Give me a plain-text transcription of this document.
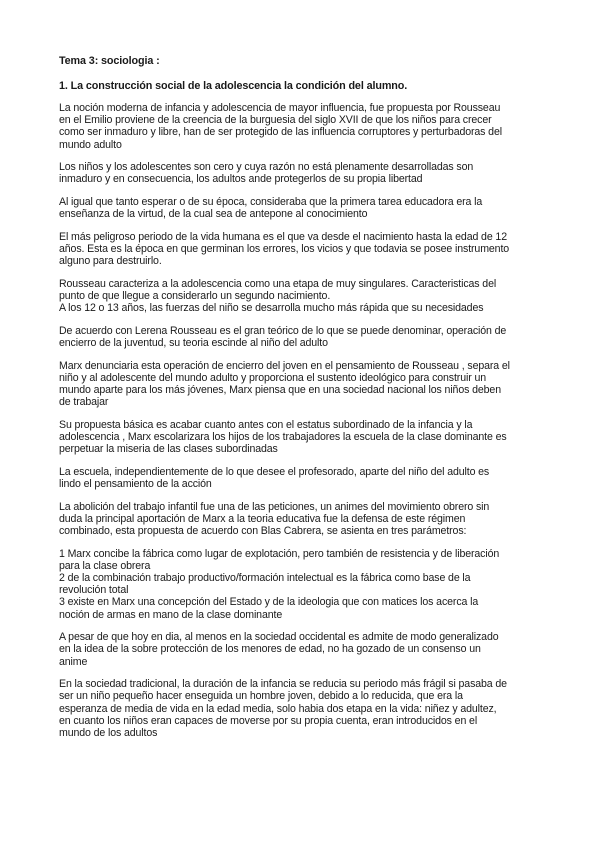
Tema 3: sociologia :
1. La construcción social de la adolescencia la condición del alumno.
La noción moderna de infancia y adolescencia de mayor influencia, fue propuesta por Rousseau
en el Emilio proviene de la creencia de la burguesia del siglo XVII de que los niños para crecer
como ser inmaduro y libre, han de ser protegido de las influencia corruptores y perturbadoras del
mundo adulto
Los niños y los adolescentes son cero y cuya razón no está plenamente desarrolladas son
inmaduro y en consecuencia, los adultos ande protegerlos de su propia libertad
Al igual que tanto esperar o de su época, consideraba que la primera tarea educadora era la
enseñanza de la virtud, de la cual sea de antepone al conocimiento
El más peligroso periodo de la vida humana es el que va desde el nacimiento hasta la edad de 12
años. Esta es la época en que germinan los errores, los vicios y que todavia se posee instrumento
alguno para destruirlo.
Rousseau caracteriza a la adolescencia como una etapa de muy singulares. Caracteristicas del
punto de que llegue a considerarlo un segundo nacimiento.
A los 12 o 13 años, las fuerzas del niño se desarrolla mucho más rápida que su necesidades
De acuerdo con Lerena Rousseau es el gran teórico de lo que se puede denominar, operación de
encierro de la juventud, su teoria escinde al niño del adulto
Marx denunciaria esta operación de encierro del joven en el pensamiento de Rousseau , separa el
niño y al adolescente del mundo adulto y proporciona el sustento ideológico para construir un
mundo aparte para los más jóvenes, Marx piensa que en una sociedad nacional los niños deben
de trabajar
Su propuesta básica es acabar cuanto antes con el estatus subordinado de la infancia y la
adolescencia , Marx escolarizara los hijos de los trabajadores la escuela de la clase dominante es
perpetuar la miseria de las clases subordinadas
La escuela, independientemente de lo que desee el profesorado, aparte del niño del adulto es
lindo el pensamiento de la acción
La abolición del trabajo infantil fue una de las peticiones, un animes del movimiento obrero sin
duda la principal aportación de Marx a la teoria educativa fue la defensa de este régimen
combinado, esta propuesta de acuerdo con Blas Cabrera, se asienta en tres parámetros:
1 Marx concibe la fábrica como lugar de explotación, pero también de resistencia y de liberación
para la clase obrera
2 de la combinación trabajo productivo/formación intelectual es la fábrica como base de la
revolución total
3 existe en Marx una concepción del Estado y de la ideologia que con matices los acerca la
noción de armas en mano de la clase dominante
A pesar de que hoy en dia, al menos en la sociedad occidental es admite de modo generalizado
en la idea de la sobre protección de los menores de edad, no ha gozado de un consenso un
anime
En la sociedad tradicional, la duración de la infancia se reducia su periodo más frágil si pasaba de
ser un niño pequeño hacer enseguida un hombre joven, debido a lo reducida, que era la
esperanza de media de vida en la edad media, solo habia dos etapa en la vida: niñez y adultez,
en cuanto los niños eran capaces de moverse por su propia cuenta, eran introducidos en el
mundo de los adultos
